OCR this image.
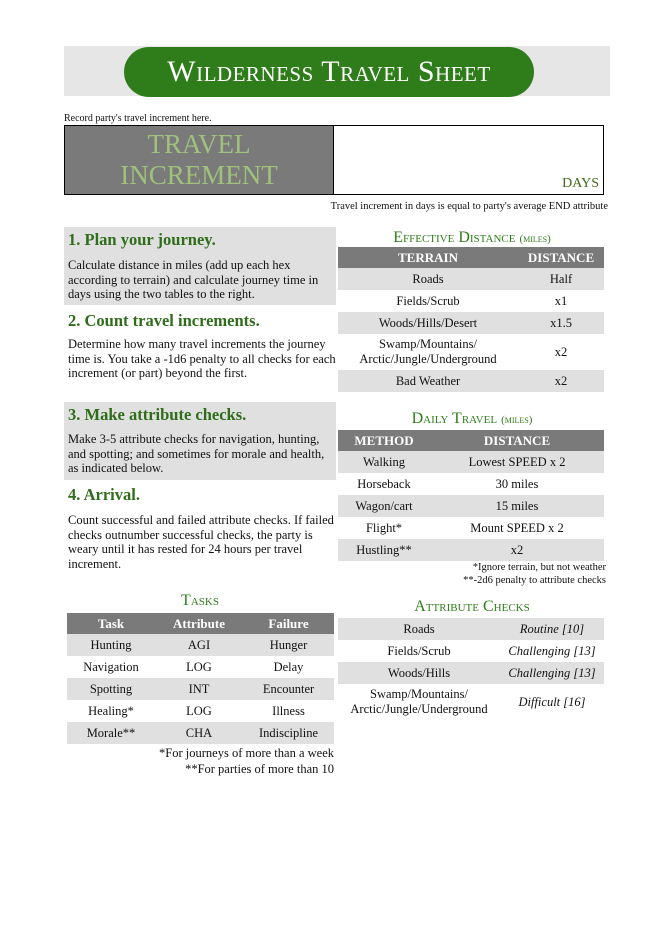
Wilderness Travel Sheet
Record party's travel increment here.
TRAVEL
INCREMENT	DAYS
Travel increment in days is equal to party's average END attribute
1. Plan your journey.
Calculate distance in miles (add up each hex according to terrain) and calculate journey time in days using the two tables to the right.
2. Count travel increments.
Determine how many travel increments the journey time is. You take a -1d6 penalty to all checks for each increment (or part) beyond the first.
3. Make attribute checks.
Make 3-5 attribute checks for navigation, hunting, and spotting; and sometimes for morale and health, as indicated below.
4. Arrival.
Count successful and failed attribute checks. If failed checks outnumber successful checks, the party is weary until it has rested for 24 hours per travel increment.
Tasks
Task	Attribute	Failure
Hunting	AGI	Hunger
Navigation	LOG	Delay
Spotting	INT	Encounter
Healing*	LOG	Illness
Morale**	CHA	Indiscipline
*For journeys of more than a week
**For parties of more than 10
Effective Distance (miles)
TERRAIN	DISTANCE
Roads	Half
Fields/Scrub	x1
Woods/Hills/Desert	x1.5
Swamp/Mountains/
Arctic/Jungle/Underground	x2
Bad Weather	x2
Daily Travel (miles)
METHOD	DISTANCE
Walking	Lowest SPEED x 2
Horseback	30 miles
Wagon/cart	15 miles
Flight*	Mount SPEED x 2
Hustling**	x2
*Ignore terrain, but not weather
**-2d6 penalty to attribute checks
Attribute Checks
Roads	Routine [10]
Fields/Scrub	Challenging [13]
Woods/Hills	Challenging [13]
Swamp/Mountains/
Arctic/Jungle/Underground	Difficult [16]
